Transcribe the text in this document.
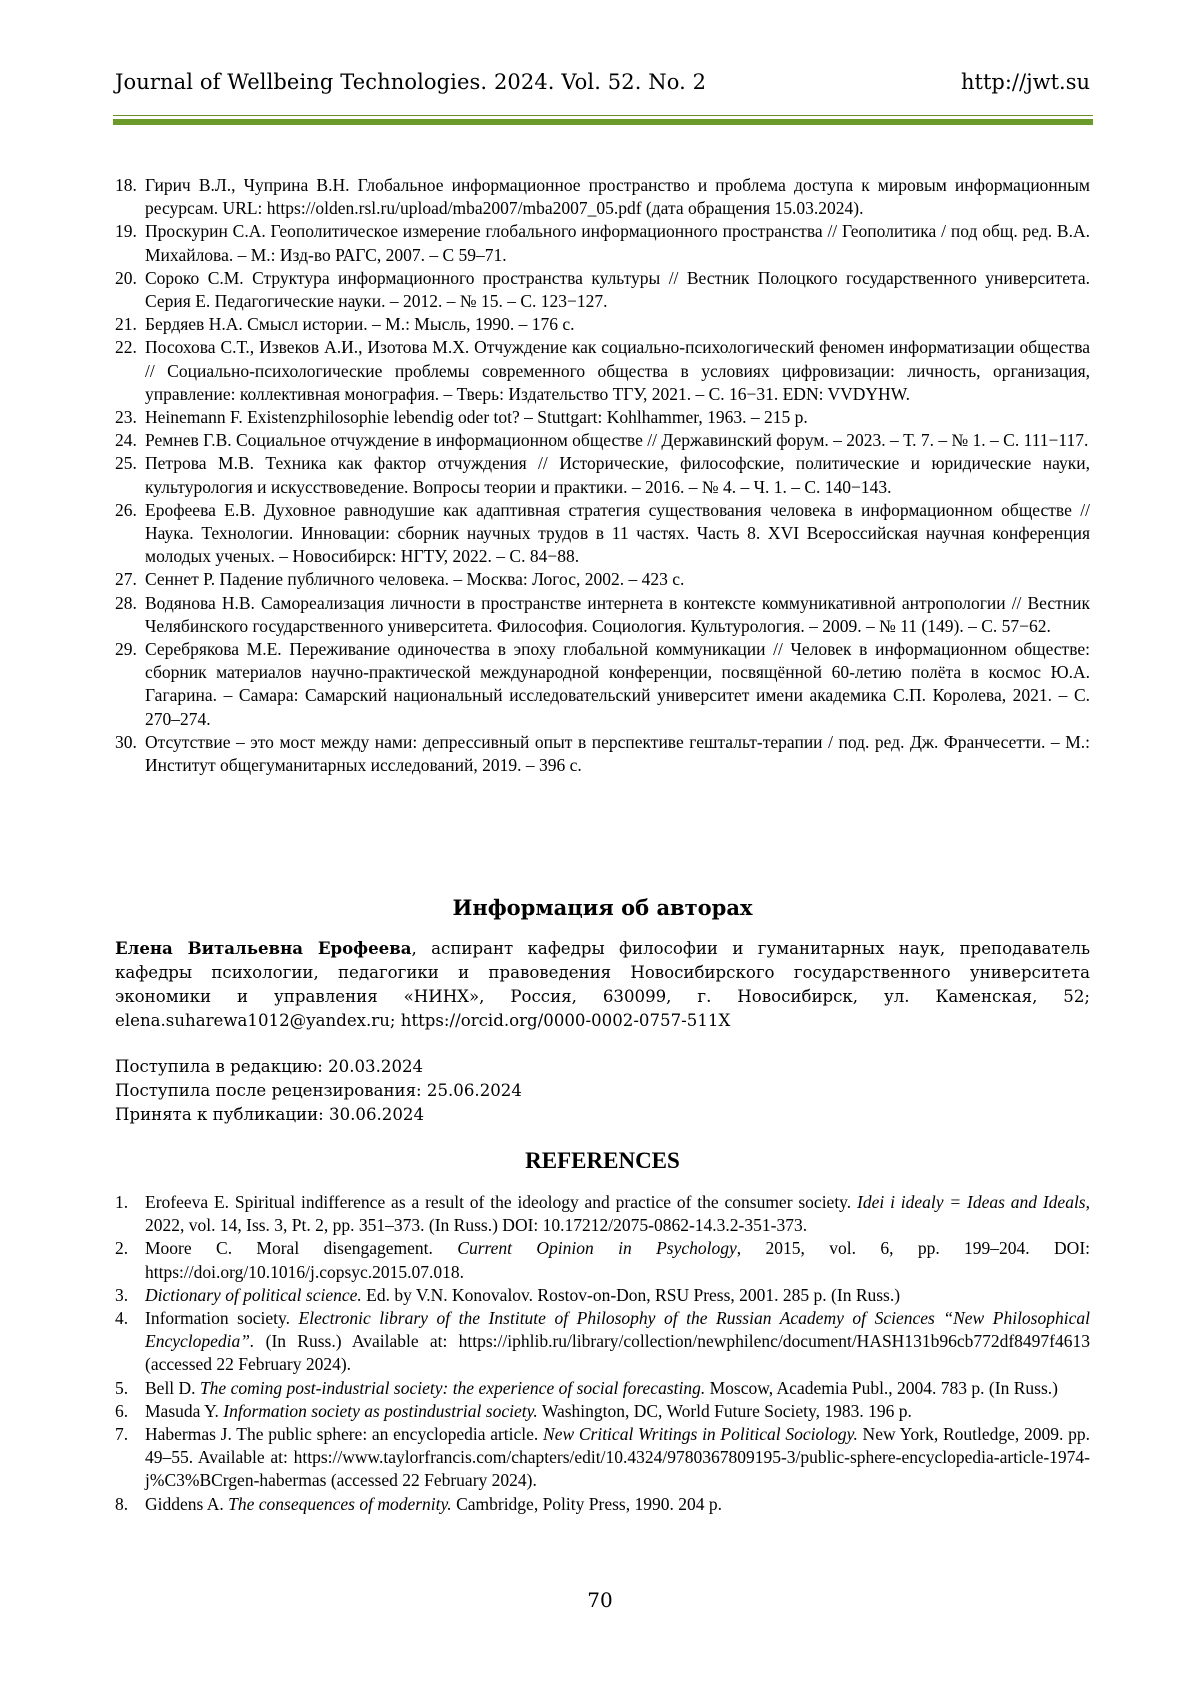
Journal of Wellbeing Technologies. 2024. Vol. 52. No. 2	http://jwt.su
18. Гирич В.Л., Чуприна В.Н. Глобальное информационное пространство и проблема доступа к мировым информационным ресурсам. URL: https://olden.rsl.ru/upload/mba2007/mba2007_05.pdf (дата обращения 15.03.2024).
19. Проскурин С.А. Геополитическое измерение глобального информационного пространства // Геополитика / под общ. ред. В.А. Михайлова. – М.: Изд-во РАГС, 2007. – С 59–71.
20. Сороко С.М. Структура информационного пространства культуры // Вестник Полоцкого государственного университета. Серия Е. Педагогические науки. – 2012. – № 15. – С. 123−127.
21. Бердяев Н.А. Смысл истории. – М.: Мысль, 1990. – 176 с.
22. Посохова С.Т., Извеков А.И., Изотова М.Х. Отчуждение как социально-психологический феномен информатизации общества // Социально-психологические проблемы современного общества в условиях цифровизации: личность, организация, управление: коллективная монография. – Тверь: Издательство ТГУ, 2021. – С. 16−31. EDN: VVDYHW.
23. Heinemann F. Existenzphilosophie lebendig oder tot? – Stuttgart: Kohlhammer, 1963. – 215 p.
24. Ремнев Г.В. Социальное отчуждение в информационном обществе // Державинский форум. – 2023. – Т. 7. – № 1. – С. 111−117.
25. Петрова М.В. Техника как фактор отчуждения // Исторические, философские, политические и юридические науки, культурология и искусствоведение. Вопросы теории и практики. – 2016. – № 4. – Ч. 1. – С. 140−143.
26. Ерофеева Е.В. Духовное равнодушие как адаптивная стратегия существования человека в информационном обществе // Наука. Технологии. Инновации: сборник научных трудов в 11 частях. Часть 8. XVI Всероссийская научная конференция молодых ученых. – Новосибирск: НГТУ, 2022. – С. 84−88.
27. Сеннет Р. Падение публичного человека. – Москва: Логос, 2002. – 423 с.
28. Водянова Н.В. Самореализация личности в пространстве интернета в контексте коммуникативной антропологии // Вестник Челябинского государственного университета. Философия. Социология. Культурология. – 2009. – № 11 (149). – С. 57−62.
29. Серебрякова М.Е. Переживание одиночества в эпоху глобальной коммуникации // Человек в информационном обществе: сборник материалов научно-практической международной конференции, посвящённой 60-летию полёта в космос Ю.А. Гагарина. – Самара: Самарский национальный исследовательский университет имени академика С.П. Королева, 2021. – С. 270–274.
30. Отсутствие – это мост между нами: депрессивный опыт в перспективе гештальт-терапии / под. ред. Дж. Франчесетти. – М.: Институт общегуманитарных исследований, 2019. – 396 с.
Информация об авторах

Елена Витальевна Ерофеева, аспирант кафедры философии и гуманитарных наук, преподаватель кафедры психологии, педагогики и правоведения Новосибирского государственного университета экономики и управления «НИНХ», Россия, 630099, г. Новосибирск, ул. Каменская, 52; elena.suharewa1012@yandex.ru; https://orcid.org/0000-0002-0757-511X

Поступила в редакцию: 20.03.2024
Поступила после рецензирования: 25.06.2024
Принята к публикации: 30.06.2024
REFERENCES
1. Erofeeva E. Spiritual indifference as a result of the ideology and practice of the consumer society. Idei i idealy = Ideas and Ideals, 2022, vol. 14, Iss. 3, Pt. 2, pp. 351–373. (In Russ.) DOI: 10.17212/2075-0862-14.3.2-351-373.
2. Moore C. Moral disengagement. Current Opinion in Psychology, 2015, vol. 6, pp. 199–204. DOI: https://doi.org/10.1016/j.copsyc.2015.07.018.
3. Dictionary of political science. Ed. by V.N. Konovalov. Rostov-on-Don, RSU Press, 2001. 285 p. (In Russ.)
4. Information society. Electronic library of the Institute of Philosophy of the Russian Academy of Sciences “New Philosophical Encyclopedia”. (In Russ.) Available at: https://iphlib.ru/library/collection/newphilenc/document/HASH131b96cb772df8497f4613 (accessed 22 February 2024).
5. Bell D. The coming post-industrial society: the experience of social forecasting. Moscow, Academia Publ., 2004. 783 p. (In Russ.)
6. Masuda Y. Information society as postindustrial society. Washington, DC, World Future Society, 1983. 196 p.
7. Habermas J. The public sphere: an encyclopedia article. New Critical Writings in Political Sociology. New York, Routledge, 2009. pp. 49–55. Available at: https://www.taylorfrancis.com/chapters/edit/10.4324/9780367809195-3/public-sphere-encyclopedia-article-1974-j%C3%BCrgen-habermas (accessed 22 February 2024).
8. Giddens A. The consequences of modernity. Cambridge, Polity Press, 1990. 204 p.
70
